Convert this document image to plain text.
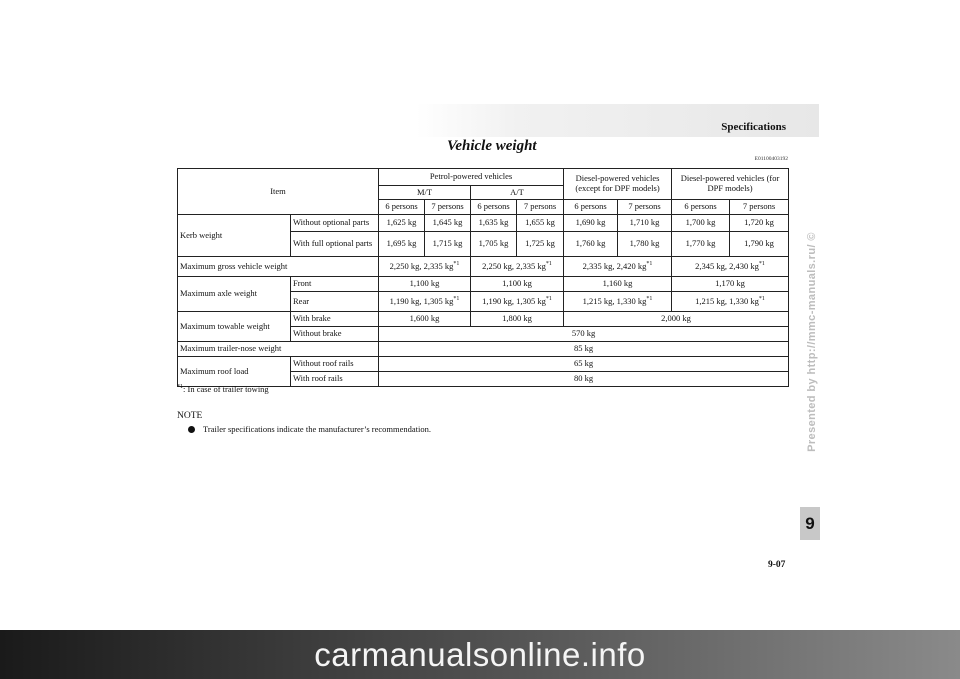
Specifications
Vehicle weight
E01100403192
Item		Petrol-powered vehicles				Diesel-powered vehicles (except for DPF models)		Diesel-powered vehicles (for DPF models)	
		M/T		A/T					
		6 persons	7 persons	6 persons	7 persons	6 persons	7 persons	6 persons	7 persons
Kerb weight	Without optional parts	1,625 kg	1,645 kg	1,635 kg	1,655 kg	1,690 kg	1,710 kg	1,700 kg	1,720 kg
	With full optional parts	1,695 kg	1,715 kg	1,705 kg	1,725 kg	1,760 kg	1,780 kg	1,770 kg	1,790 kg
Maximum gross vehicle weight		2,250 kg, 2,335 $kg^{*1}$		2,250 kg, 2,335 $kg^{*1}$		2,335 kg, 2,420 $kg^{*1}$		2,345 kg, 2,430 $kg^{*1}$
Maximum axle weight	Front	1,100 kg		1,100 kg		1,160 kg		1,170 kg	
	Rear	1,190 kg, 1,305 $kg^{*1}$		1,190 kg, 1,305 $kg^{*1}$		1,215 kg, 1,330 $kg^{*1}$		1,215 kg, 1,330 $kg^{*1}$
Maximum towable weight	With brake	1,600 kg		1,800 kg		2,000 kg			
	Without brake	570 kg							
Maximum trailer-nose weight		85 kg							
Maximum roof load	Without roof rails	65 kg							
	With roof rails	80 kg							
$^{*1}$: In case of trailer towing
NOTE
Trailer specifications indicate the manufacturer’s recommendation.	Presented by http://mmc-manuals.ru/ ©
9
9-07
carmanualsonline.info
